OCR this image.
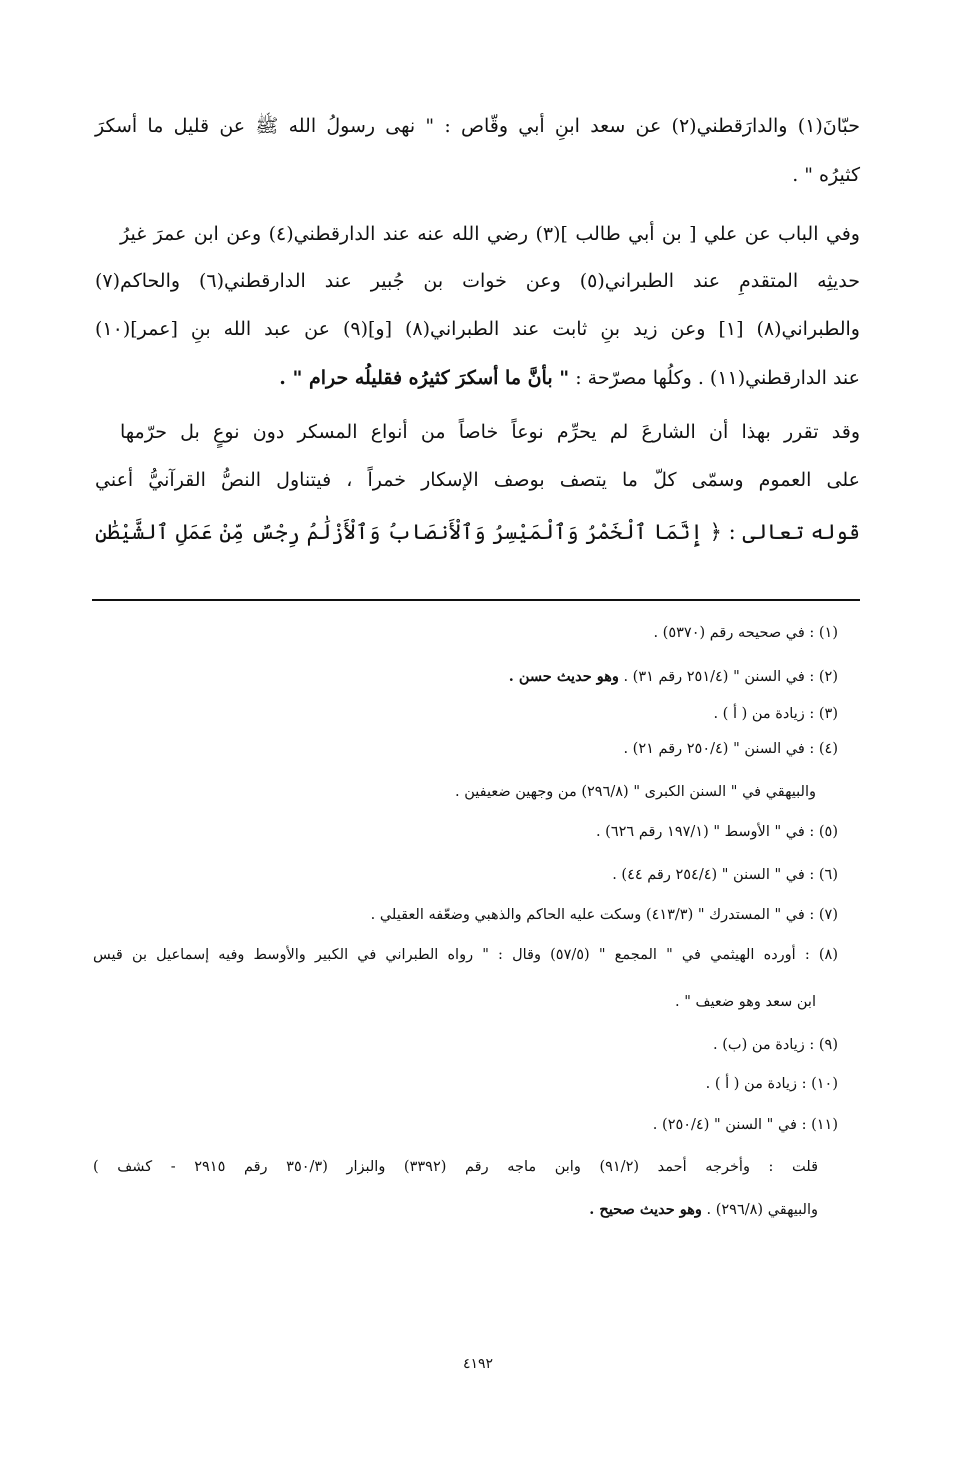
حبّانَ(١) والدارَقطني(٢) عن سعد ابنِ أبي وقّاص : " نهى رسولُ الله ﷺ عن قليل ما أسكرَ
كثيرُه " .
وفي الباب عن علي [ بن أبي طالب ](٣) رضي الله عنه عند الدارقطني(٤) وعن ابن عمرَ غيرُ
حديثِه المتقدمِ عند الطبراني(٥) وعن خوات بن جُبير عند الدارقطني(٦) والحاكم(٧)
والطبراني(٨) [١] وعن زيد بنِ ثابت عند الطبراني(٨) [و](٩) عن عبد الله بنِ [عمر](١٠)
عند الدارقطني(١١) . وكلُها مصرّحة : " بأنَّ ما أسكرَ كثيرُه فقليلُه حرام " .
وقد تقرر بهذا أن الشارعَ لم يحرِّم نوعاً خاصاً من أنواع المسكر دون نوعٍ بل حرّمها
على العموم وسمّى كلّ ما يتصف بوصف الإسكار خمراً ، فيتناول النصُّ القرآنيُّ أعني
قوله تعالى : ﴿ إِنَّمَا ٱلْخَمْرُ وَٱلْمَيْسِرُ وَٱلْأَنصَابُ وَٱلْأَزْلَٰمُ رِجْسٌ مِّنْ عَمَلِ ٱلشَّيْطَٰنِ
(١) : في صحيحه رقم (٥٣٧٠) .
(٢) : في السنن " (٢٥١/٤ رقم ٣١) . وهو حديث حسن .
(٣) : زيادة من ( أ ) .
(٤) : في السنن " (٢٥٠/٤ رقم ٢١) .
والبيهقي في " السنن الكبرى " (٢٩٦/٨) من وجهين ضعيفين .
(٥) : في " الأوسط " (١٩٧/١ رقم ٦٢٦) .
(٦) : في " السنن " (٢٥٤/٤ رقم ٤٤) .
(٧) : في " المستدرك " (٤١٣/٣) وسكت عليه الحاكم والذهبي وضعّفه العقيلي .
(٨) : أورده الهيثمي في " المجمع " (٥٧/٥) وقال : " رواه الطبراني في الكبير والأوسط وفيه إسماعيل بن قيس
ابن سعد وهو ضعيف " .
(٩) : زيادة من (ب) .
(١٠) : زيادة من ( أ ) .
(١١) : في " السنن " (٢٥٠/٤) .
قلت : وأخرجه أحمد (٩١/٢) وابن ماجه رقم (٣٣٩٢) والبزار (٣٥٠/٣ رقم ٢٩١٥ - كشف )
والبيهقي (٢٩٦/٨) . وهو حديث صحيح .
٤١٩٢
